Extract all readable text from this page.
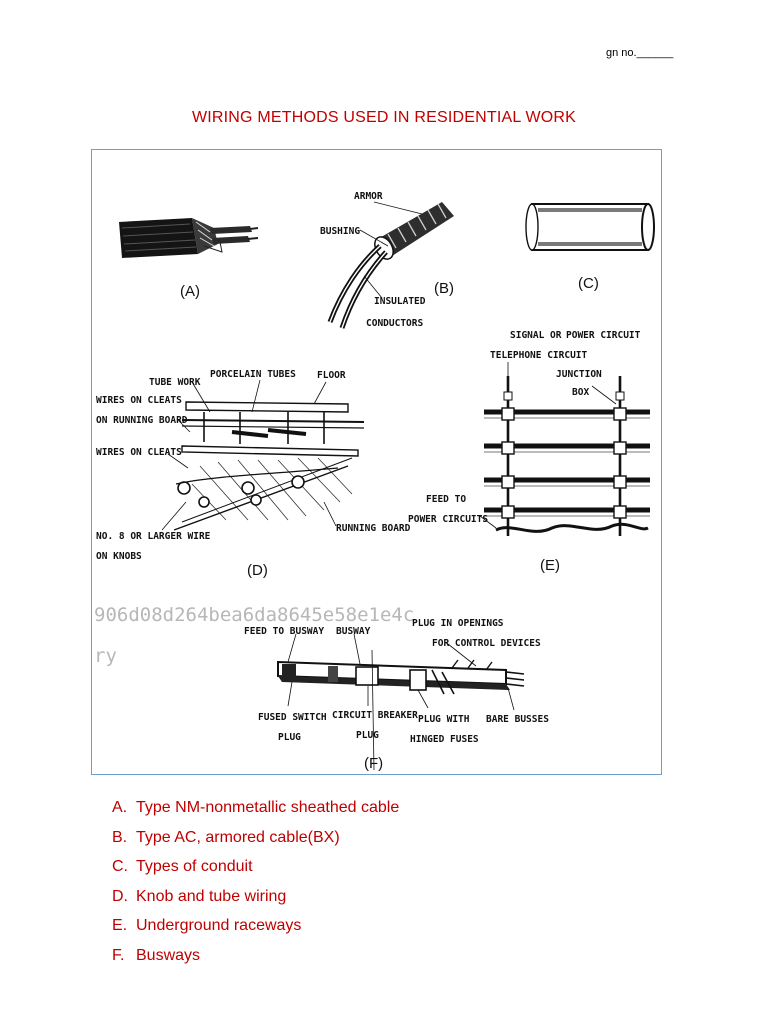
gn no.______
WIRING METHODS USED IN RESIDENTIAL WORK
906d08d264bea6da8645e58e1e4c
ry
(A)
ARMOR
BUSHING
INSULATED
CONDUCTORS
(B)	(C)
TUBE WORK
PORCELAIN TUBES FLOOR
WIRES ON CLEATS
ON RUNNING BOARD
WIRES ON CLEATS
NO. 8 OR LARGER WIRE
ON KNOBS
RUNNING BOARD
(D)
SIGNAL OR
TELEPHONE CIRCUIT
POWER CIRCUIT
JUNCTION
BOX
FEED TO
POWER CIRCUITS
(E)
FEED TO BUSWAY BUSWAY
PLUG IN OPENINGS
FOR CONTROL DEVICES
FUSED SWITCH
PLUG
CIRCUIT BREAKER
PLUG
PLUG WITH
HINGED FUSES
BARE BUSSES
(F)
A. Type NM-nonmetallic sheathed cable
B. Type AC, armored cable(BX)
C. Types of conduit
D. Knob and tube wiring
E. Underground raceways
F. Busways
